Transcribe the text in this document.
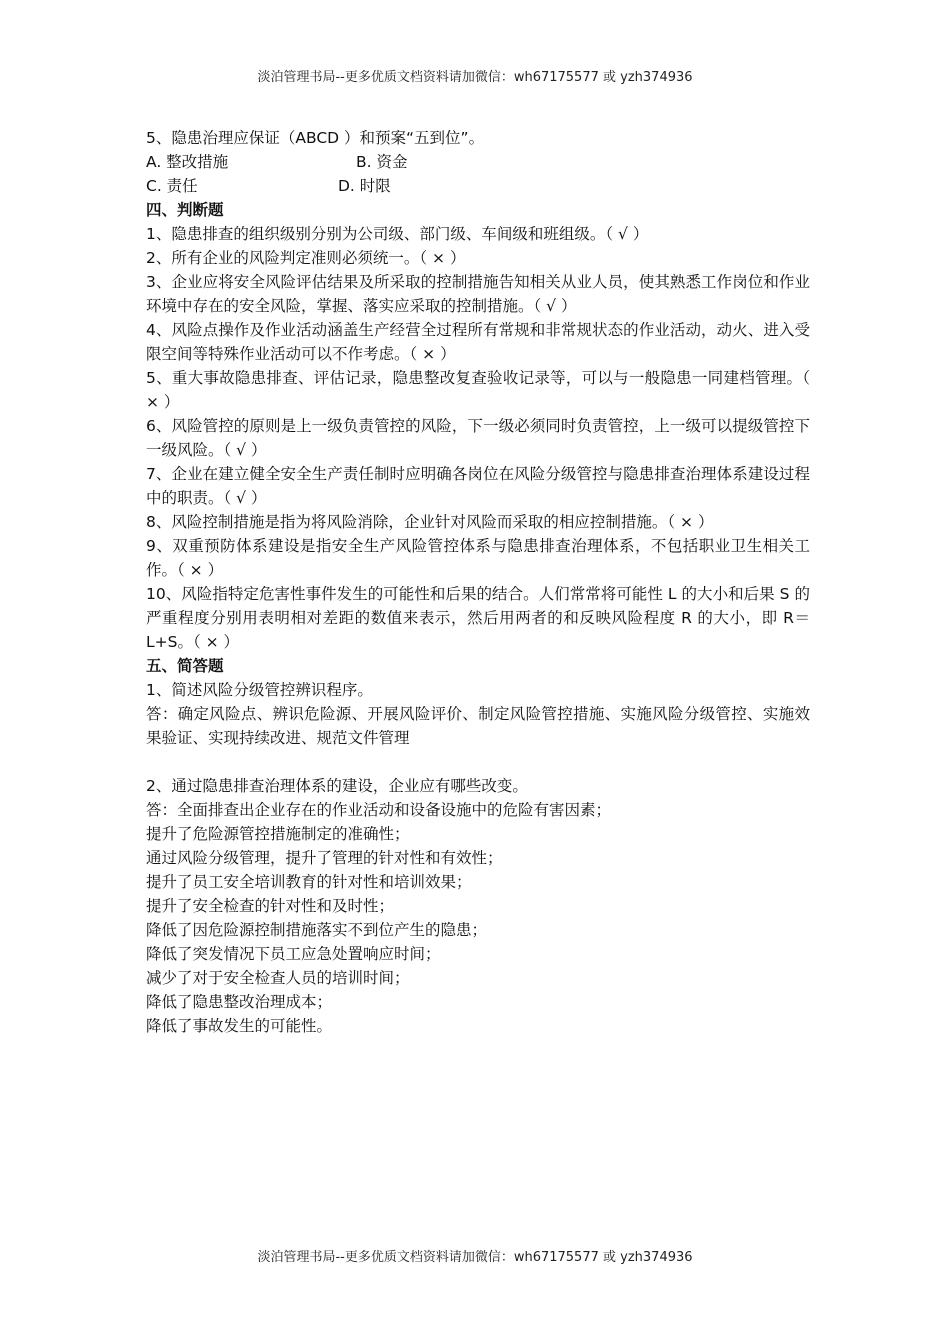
淡泊管理书局--更多优质文档资料请加微信：wh67175577 或 yzh374936

5、隐患治理应保证（ABCD ）和预案“五到位”。

A. 整改措施	B. 资金
C. 责任	D. 时限

四、判断题

1、隐患排查的组织级别分别为公司级、部门级、车间级和班组级。（ √ ）

2、所有企业的风险判定准则必须统一。（ × ）

3、企业应将安全风险评估结果及所采取的控制措施告知相关从业人员，使其熟悉工作岗位和作业环境中存在的安全风险，掌握、落实应采取的控制措施。（ √ ）

4、风险点操作及作业活动涵盖生产经营全过程所有常规和非常规状态的作业活动，动火、进入受限空间等特殊作业活动可以不作考虑。（ × ）

5、重大事故隐患排查、评估记录，隐患整改复查验收记录等，可以与一般隐患一同建档管理。（ × ）

6、风险管控的原则是上一级负责管控的风险，下一级必须同时负责管控，上一级可以提级管控下一级风险。（ √ ）

7、企业在建立健全安全生产责任制时应明确各岗位在风险分级管控与隐患排查治理体系建设过程中的职责。（ √ ）

8、风险控制措施是指为将风险消除，企业针对风险而采取的相应控制措施。（ × ）

9、双重预防体系建设是指安全生产风险管控体系与隐患排查治理体系，不包括职业卫生相关工作。（ × ）

10、风险指特定危害性事件发生的可能性和后果的结合。人们常常将可能性 L 的大小和后果 S 的严重程度分别用表明相对差距的数值来表示，然后用两者的和反映风险程度 R 的大小，即 R＝L+S。（ × ）

五、简答题

1、简述风险分级管控辨识程序。

答：确定风险点、辨识危险源、开展风险评价、制定风险管控措施、实施风险分级管控、实施效果验证、实现持续改进、规范文件管理

2、通过隐患排查治理体系的建设，企业应有哪些改变。

答：全面排查出企业存在的作业活动和设备设施中的危险有害因素；

提升了危险源管控措施制定的准确性；

通过风险分级管理，提升了管理的针对性和有效性；

提升了员工安全培训教育的针对性和培训效果；

提升了安全检查的针对性和及时性；

降低了因危险源控制措施落实不到位产生的隐患；

降低了突发情况下员工应急处置响应时间；

减少了对于安全检查人员的培训时间；

降低了隐患整改治理成本；

降低了事故发生的可能性。

淡泊管理书局--更多优质文档资料请加微信：wh67175577 或 yzh374936
